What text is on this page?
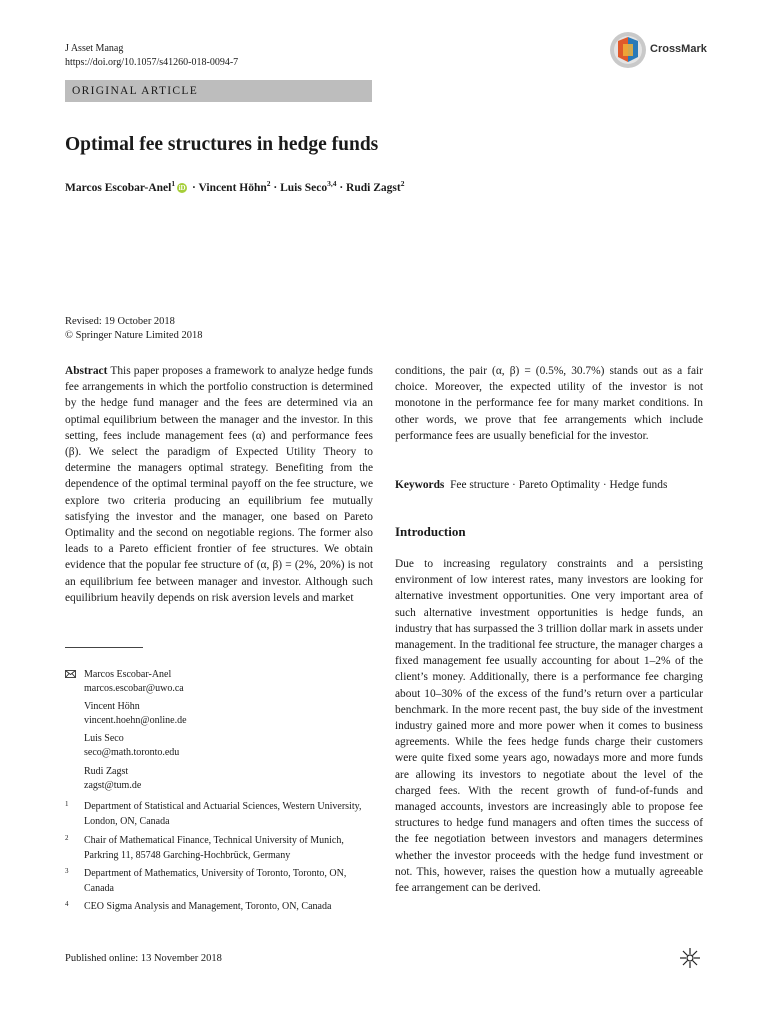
J Asset Manag
https://doi.org/10.1057/s41260-018-0094-7
CrossMark
ORIGINAL ARTICLE
Optimal fee structures in hedge funds
Marcos Escobar-Anel$^1$iD · Vincent Höhn$^2$ · Luis Seco$^{3,4}$ · Rudi Zagst$^2$
Revised: 19 October 2018
© Springer Nature Limited 2018
Abstract This paper proposes a framework to analyze hedge funds fee arrangements in which the portfolio construction is determined by the hedge fund manager and the fees are determined via an optimal equilibrium between the manager and the investor. In this setting, fees include management fees (α) and performance fees (β). We select the paradigm of Expected Utility Theory to determine the managers optimal strategy. Benefiting from the dependence of the optimal terminal payoff on the fee structure, we explore two criteria producing an equilibrium fee mutually satisfying the investor and the manager, one based on Pareto Optimality and the second on negotiable regions. The former also leads to a Pareto efficient frontier of fee structures. We obtain evidence that the popular fee structure of (α, β) = (2%, 20%) is not an equilibrium fee between manager and investor. Although such equilibrium heavily depends on risk aversion levels and market
conditions, the pair (α, β) = (0.5%, 30.7%) stands out as a fair choice. Moreover, the expected utility of the investor is not monotone in the performance fee for many market conditions. In other words, we prove that fee arrangements which include performance fees are usually beneficial for the investor.
Keywords Fee structure · Pareto Optimality · Hedge funds
Introduction
Due to increasing regulatory constraints and a persisting environment of low interest rates, many investors are looking for alternative investment opportunities. One very important area of such alternative investment opportunities is hedge funds, an industry that has surpassed the 3 trillion dollar mark in assets under management. In the traditional fee structure, the manager charges a fixed management fee usually accounting for about 1–2% of the client’s money. Additionally, there is a performance fee charging about 10–30% of the excess of the fund’s return over a particular benchmark. In the more recent past, the buy side of the investment industry gained more and more power when it comes to business agreements. While the fees hedge funds charge their customers were quite fixed some years ago, nowadays more and more funds are allowing its investors to negotiate about the level of the charged fees. With the recent growth of fund-of-funds and managed accounts, investors are increasingly able to propose fee structures to hedge fund managers and often times the success of the fee negotiation between investors and managers determines whether the investor proceeds with the hedge fund investment or not. This, however, raises the question how a mutually agreeable fee arrangement can be derived.
Marcos Escobar-Anel
marcos.escobar@uwo.ca
Vincent Höhn
vincent.hoehn@online.de
Luis Seco
seco@math.toronto.edu
Rudi Zagst
zagst@tum.de
1 Department of Statistical and Actuarial Sciences, Western University, London, ON, Canada
2 Chair of Mathematical Finance, Technical University of Munich, Parkring 11, 85748 Garching-Hochbrück, Germany
3 Department of Mathematics, University of Toronto, Toronto, ON, Canada
4 CEO Sigma Analysis and Management, Toronto, ON, Canada
Published online: 13 November 2018
